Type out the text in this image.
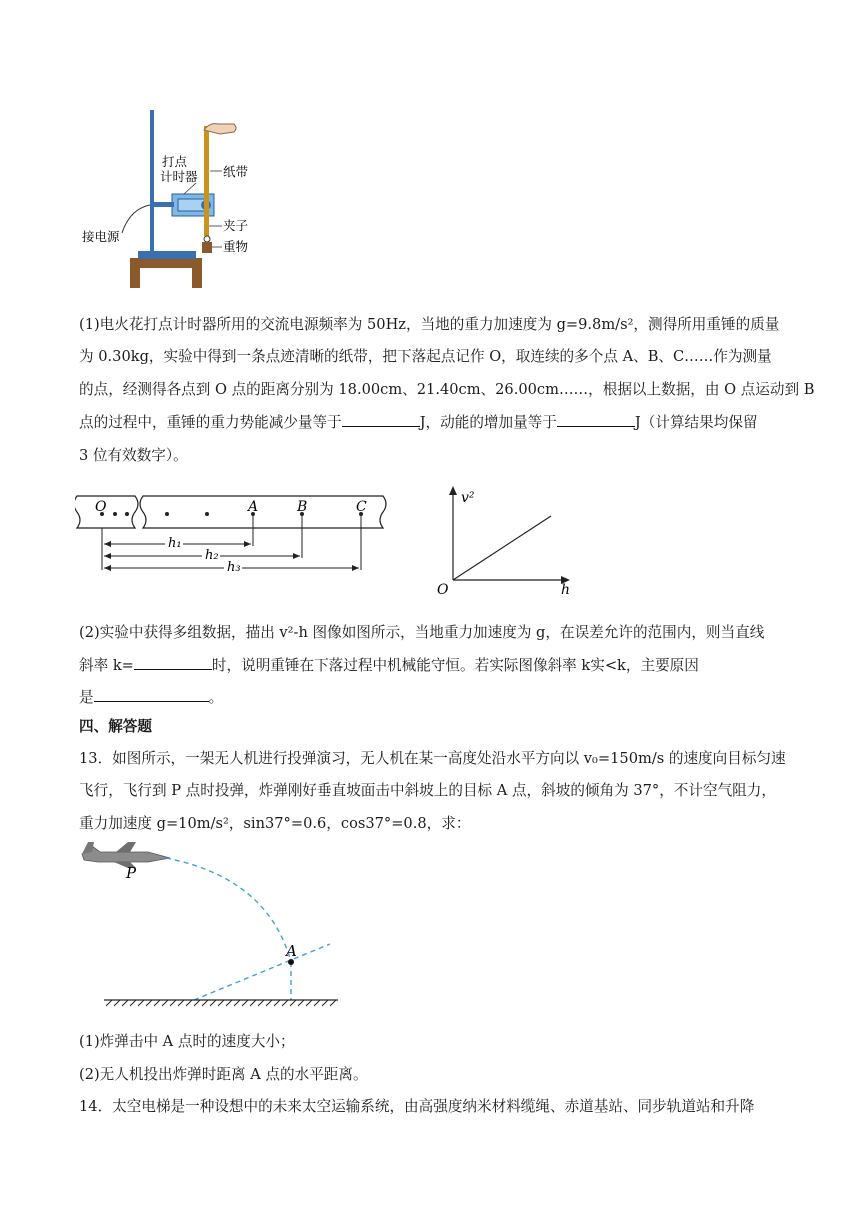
打点
计时器 纸带
接电源
夹子
重物
(1)电火花打点计时器所用的交流电源频率为 50Hz，当地的重力加速度为 g=9.8m/s²，测得所用重锤的质量
为 0.30kg，实验中得到一条点迹清晰的纸带，把下落起点记作 O，取连续的多个点 A、B、C……作为测量
的点，经测得各点到 O 点的距离分别为 18.00cm、21.40cm、26.00cm……，根据以上数据，由 O 点运动到 B
点的过程中，重锤的重力势能减少量等于	J，动能的增加量等于	J（计算结果均保留
3 位有效数字）。
O	A	B	C
h₁
h₂
h₃
v²
h
O
(2)实验中获得多组数据，描出 v²-h 图像如图所示，当地重力加速度为 g，在误差允许的范围内，则当直线
斜率 k=	时，说明重锤在下落过程中机械能守恒。若实际图像斜率 k实<k，主要原因
是	。
四、解答题
13．如图所示，一架无人机进行投弹演习，无人机在某一高度处沿水平方向以 v₀=150m/s 的速度向目标匀速
飞行，飞行到 P 点时投弹，炸弹刚好垂直坡面击中斜坡上的目标 A 点，斜坡的倾角为 37°，不计空气阻力，
重力加速度 g=10m/s²，sin37°=0.6，cos37°=0.8，求：
P
A
(1)炸弹击中 A 点时的速度大小；
(2)无人机投出炸弹时距离 A 点的水平距离。
14．太空电梯是一种设想中的未来太空运输系统，由高强度纳米材料缆绳、赤道基站、同步轨道站和升降
